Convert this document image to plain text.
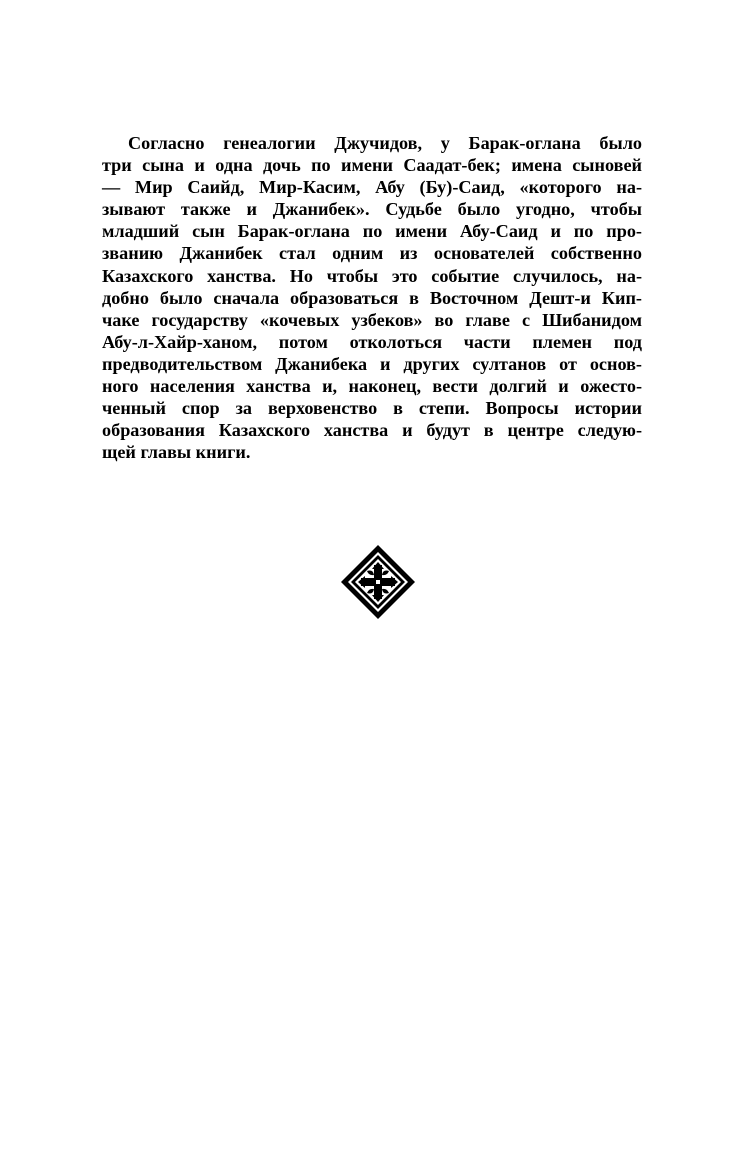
Согласно генеалогии Джучидов, у Барак-оглана было
три сына и одна дочь по имени Саадат-бек; имена сыновей
— Мир Саийд, Мир-Касим, Абу (Бу)-Саид, «которого на-
зывают также и Джанибек». Судьбе было угодно, чтобы
младший сын Барак-оглана по имени Абу-Саид и по про-
званию Джанибек стал одним из основателей собственно
Казахского ханства. Но чтобы это событие случилось, на-
добно было сначала образоваться в Восточном Дешт-и Кип-
чаке государству «кочевых узбеков» во главе с Шибанидом
Абу-л-Хайр-ханом, потом отколоться части племен под
предводительством Джанибека и других султанов от основ-
ного населения ханства и, наконец, вести долгий и ожесто-
ченный спор за верховенство в степи. Вопросы истории
образования Казахского ханства и будут в центре следую-
щей главы книги.
